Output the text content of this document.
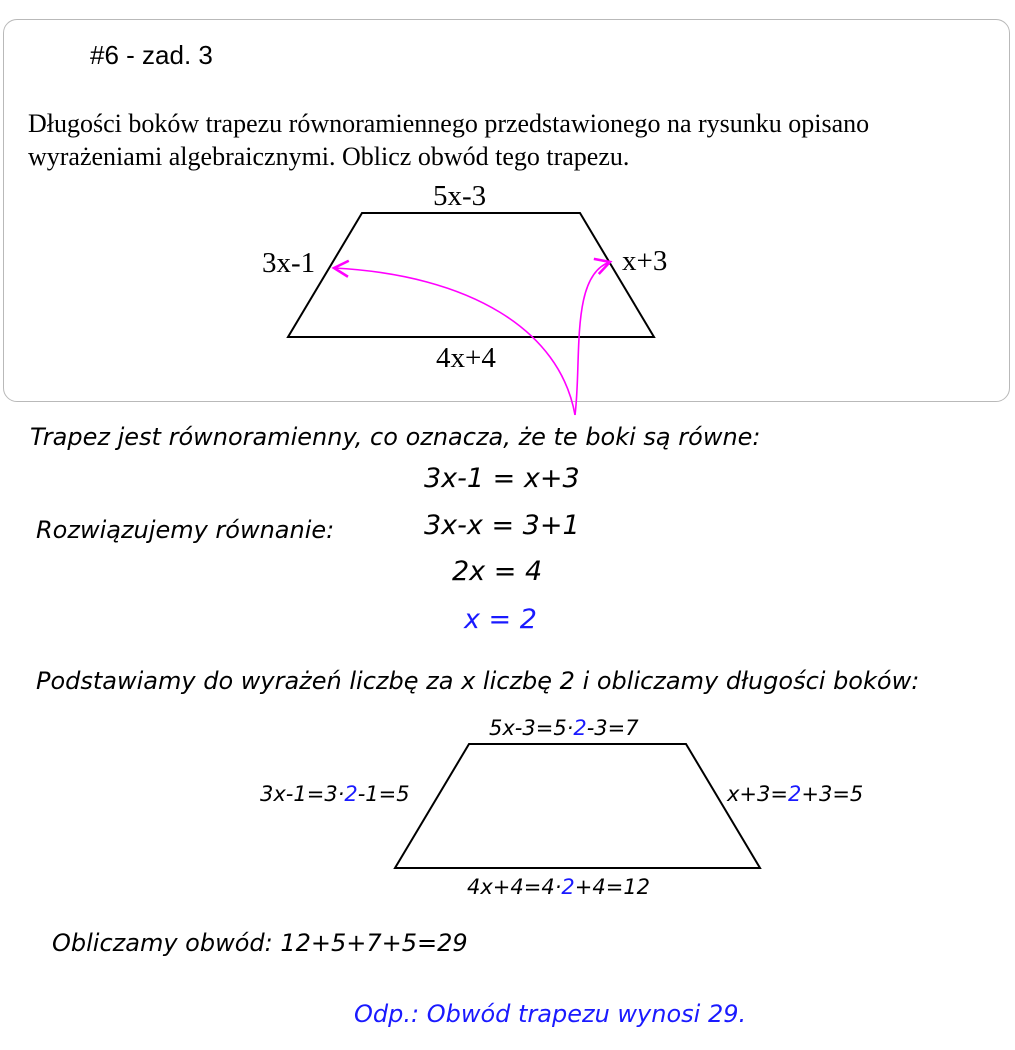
#6 - zad. 3
Długości boków trapezu równoramiennego przedstawionego na rysunku opisano
wyrażeniami algebraicznymi. Oblicz obwód tego trapezu.
5x-3
3x-1	x+3
4x+4
Trapez jest równoramienny, co oznacza, że te boki są równe:
3x-1 = x+3
Rozwiązujemy równanie:	3x-x = 3+1
2x = 4
x = 2
Podstawiamy do wyrażeń liczbę za x liczbę 2 i obliczamy długości boków:
5x-3=5·2-3=7
3x-1=3·2-1=5	x+3=2+3=5
4x+4=4·2+4=12
Obliczamy obwód: 12+5+7+5=29
Odp.: Obwód trapezu wynosi 29.
